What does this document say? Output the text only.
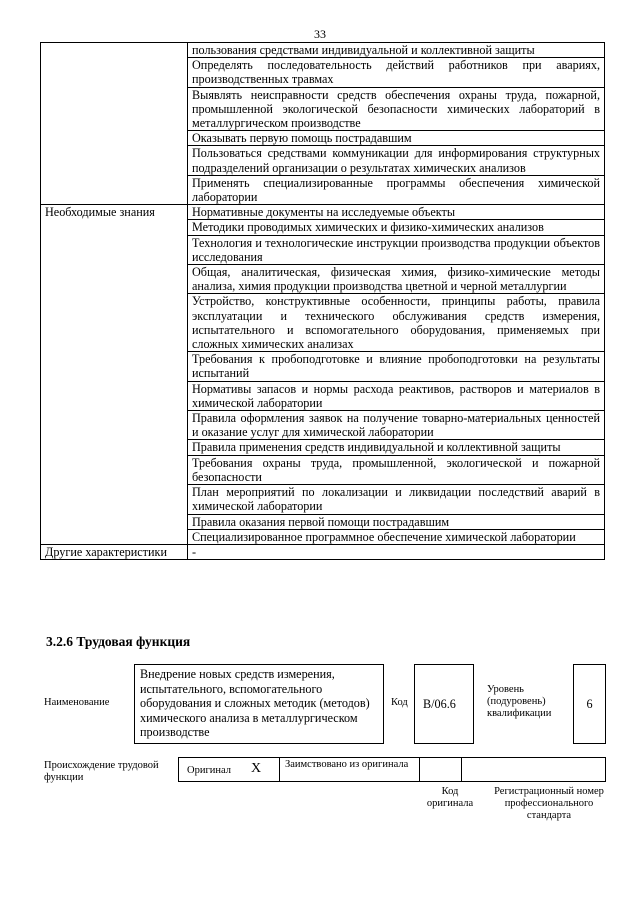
33
	пользования средствами индивидуальной и коллективной защиты
	Определять последовательность действий работников при авариях, производственных травмах
	Выявлять неисправности средств обеспечения охраны труда, пожарной, промышленной экологической безопасности химических лабораторий в металлургическом производстве
	Оказывать первую помощь пострадавшим
	Пользоваться средствами коммуникации для информирования структурных подразделений организации о результатах химических анализов
	Применять специализированные программы обеспечения химической лаборатории
Необходимые знания	Нормативные документы на исследуемые объекты
	Методики проводимых химических и физико-химических анализов
	Технология и технологические инструкции производства продукции объектов исследования
	Общая, аналитическая, физическая химия, физико-химические методы анализа, химия продукции производства цветной и черной металлургии
	Устройство, конструктивные особенности, принципы работы, правила эксплуатации и технического обслуживания средств измерения, испытательного и вспомогательного оборудования, применяемых при сложных химических анализах
	Требования к пробоподготовке и влияние пробоподготовки на результаты испытаний
	Нормативы запасов и нормы расхода реактивов, растворов и материалов в химической лаборатории
	Правила оформления заявок на получение товарно-материальных ценностей и оказание услуг для химической лаборатории
	Правила применения средств индивидуальной и коллективной защиты
	Требования охраны труда, промышленной, экологической и пожарной безопасности
	План мероприятий по локализации и ликвидации последствий аварий в химической лаборатории
	Правила оказания первой помощи пострадавшим
	Специализированное программное обеспечение химической лаборатории
Другие характеристики	-
3.2.6 Трудовая функция
Наименование
Внедрение новых средств измерения, испытательного, вспомогательного оборудования и сложных методик (методов) химического анализа в металлургическом производстве
Код	B/06.6
Уровень (подуровень) квалификации
6
Происхождение трудовой функции
Оригинал X Заимствовано из оригинала
Код оригинала
Регистрационный номер профессионального стандарта
